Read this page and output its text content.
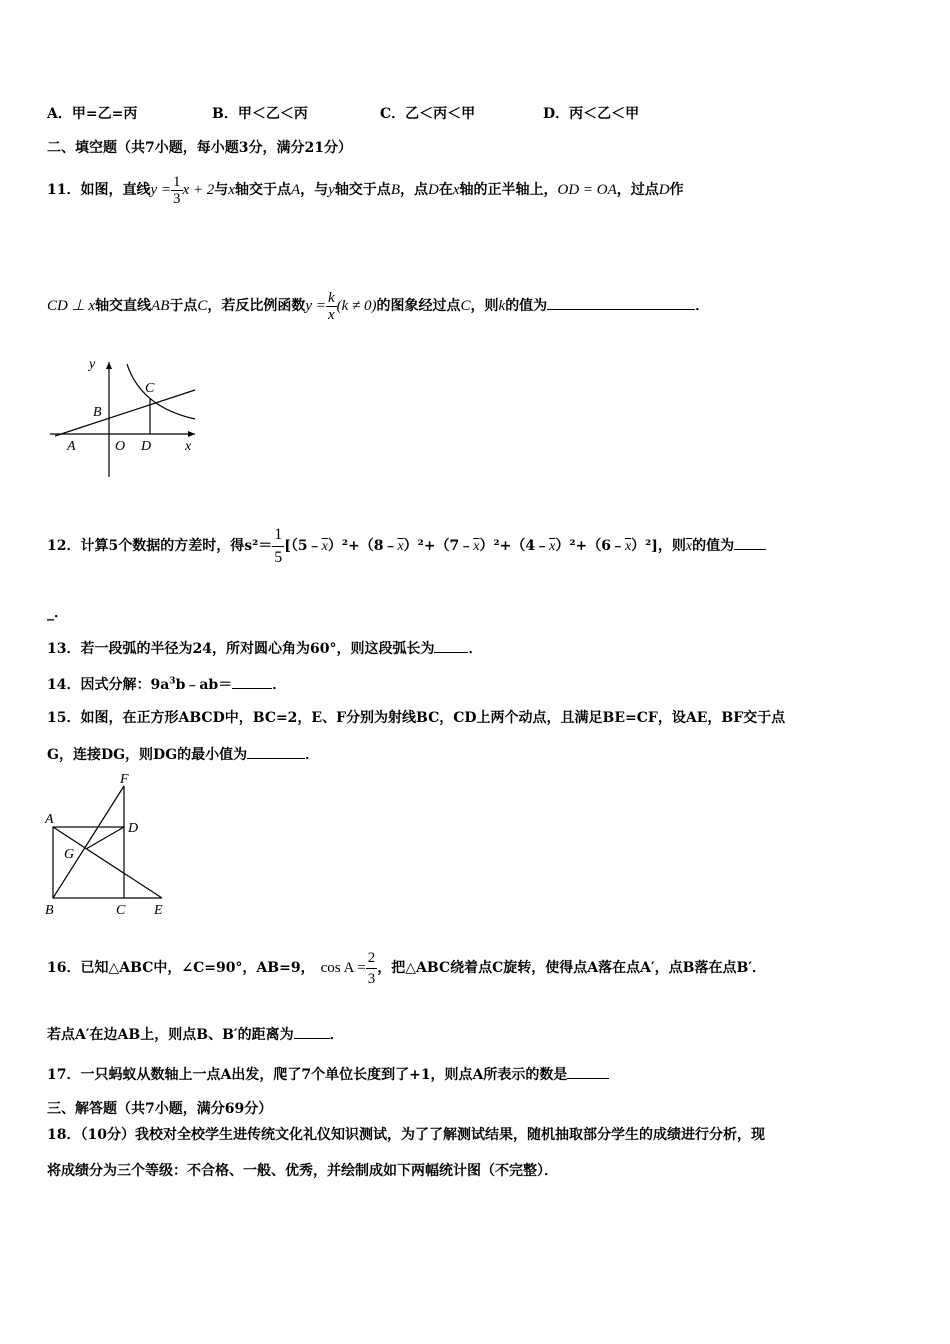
A．甲=乙=丙	B．甲＜乙＜丙	C．乙＜丙＜甲	D．丙＜乙＜甲
二、填空题（共7小题，每小题3分，满分21分）
11．如图，直线$y = \frac{1}{3}$ x + 2与x轴交于点A，与y轴交于点B，点D在x轴的正半轴上，OD = OA，过点D作
CD ⊥ x轴交直线AB于点C，若反比例函数$y = \frac{k}{x} (k \ne 0)$的图象经过点C，则k的值为	．
y
C
B
A	O D x
12．计算5个数据的方差时，得$s^2= \frac{1}{5}$ $[(5﹣\overline{x})^2+(8﹣\overline{x})^2+(7﹣\overline{x})^2+(4﹣\overline{x})^2+(6﹣\overline{x})^2]$，则$\overline{x}$的值为
_．
13．若一段弧的半径为24，所对圆心角为60°，则这段弧长为 ．
14．因式分解：$9a^3b﹣ab=$	．
15．如图，在正方形ABCD中，BC=2，E、F分别为射线BC，CD上两个动点，且满足BE=CF，设AE，BF交于点
G，连接DG，则DG的最小值为	．
F
A
D
G
B	C E
16．已知△ABC中，∠C=90°，AB=9， $\cos A = \frac{2}{3}$ ，把△ABC绕着点C旋转，使得点A落在点A′，点B落在点B′．
若点A′在边AB上，则点B、B′的距离为	．
17．一只蚂蚁从数轴上一点A出发，爬了7个单位长度到了+1，则点A所表示的数是
三、解答题（共7小题，满分69分）
18．（10分）我校对全校学生进传统文化礼仪知识测试，为了了解测试结果，随机抽取部分学生的成绩进行分析，现
将成绩分为三个等级：不合格、一般、优秀，并绘制成如下两幅统计图（不完整）．
